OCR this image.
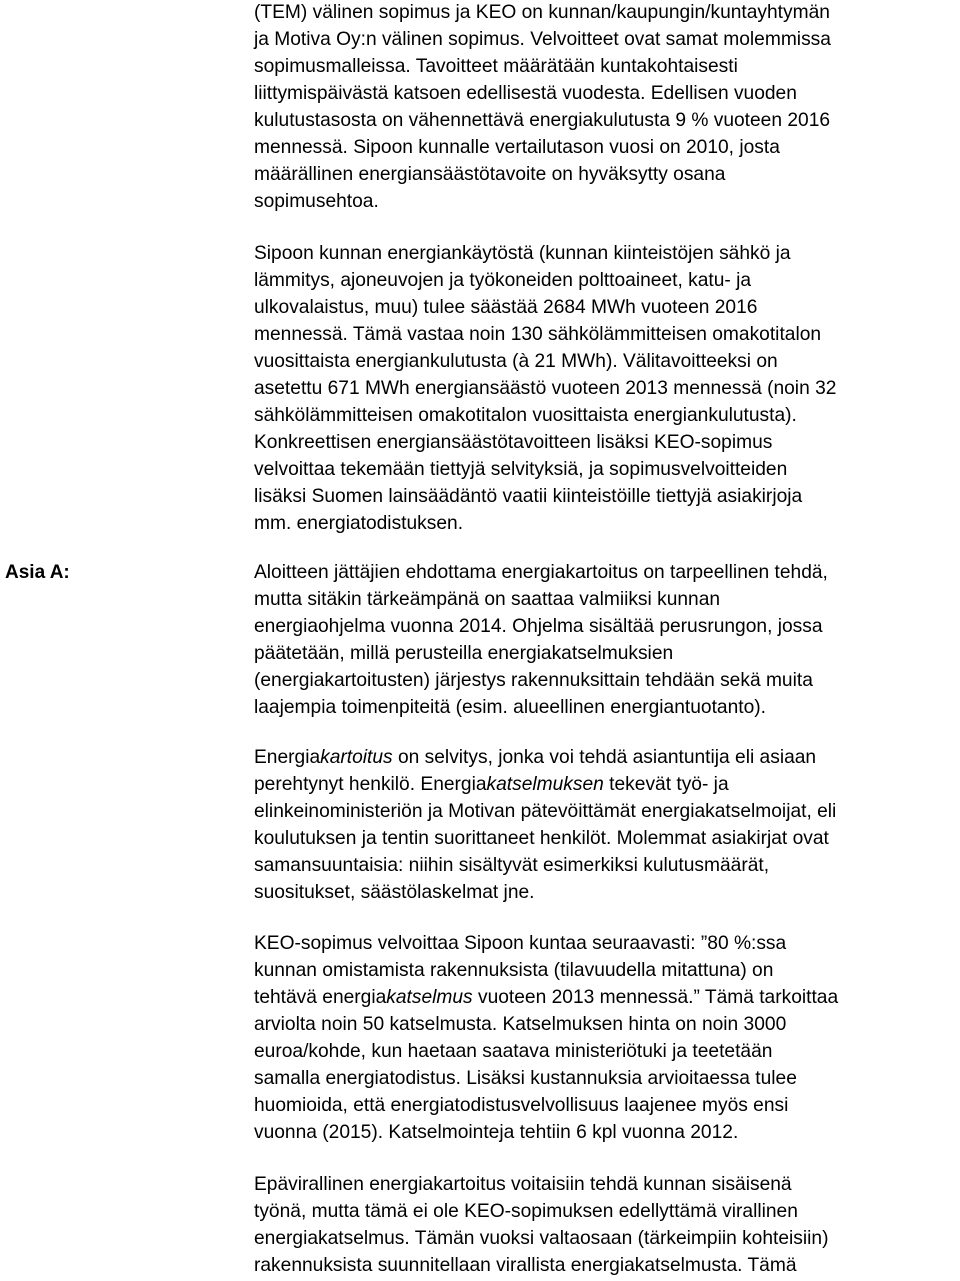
Asia A:
(TEM) välinen sopimus ja KEO on kunnan/kaupungin/kuntayhtymän
ja Motiva Oy:n välinen sopimus. Velvoitteet ovat samat molemmissa
sopimusmalleissa. Tavoitteet määrätään kuntakohtaisesti
liittymispäivästä katsoen edellisestä vuodesta. Edellisen vuoden
kulutustasosta on vähennettävä energiakulutusta 9 % vuoteen 2016
mennessä. Sipoon kunnalle vertailutason vuosi on 2010, josta
määrällinen energiansäästötavoite on hyväksytty osana
sopimusehtoa.
Sipoon kunnan energiankäytöstä (kunnan kiinteistöjen sähkö ja
lämmitys, ajoneuvojen ja työkoneiden polttoaineet, katu- ja
ulkovalaistus, muu) tulee säästää 2684 MWh vuoteen 2016
mennessä. Tämä vastaa noin 130 sähkölämmitteisen omakotitalon
vuosittaista energiankulutusta (à 21 MWh). Välitavoitteeksi on
asetettu 671 MWh energiansäästö vuoteen 2013 mennessä (noin 32
sähkölämmitteisen omakotitalon vuosittaista energiankulutusta).
Konkreettisen energiansäästötavoitteen lisäksi KEO-sopimus
velvoittaa tekemään tiettyjä selvityksiä, ja sopimusvelvoitteiden
lisäksi Suomen lainsäädäntö vaatii kiinteistöille tiettyjä asiakirjoja
mm. energiatodistuksen.
Aloitteen jättäjien ehdottama energiakartoitus on tarpeellinen tehdä,
mutta sitäkin tärkeämpänä on saattaa valmiiksi kunnan
energiaohjelma vuonna 2014. Ohjelma sisältää perusrungon, jossa
päätetään, millä perusteilla energiakatselmuksien
(energiakartoitusten) järjestys rakennuksittain tehdään sekä muita
laajempia toimenpiteitä (esim. alueellinen energiantuotanto).
Energiakartoitus on selvitys, jonka voi tehdä asiantuntija eli asiaan
perehtynyt henkilö. Energiakatselmuksen tekevät työ- ja
elinkeinoministeriön ja Motivan pätevöittämät energiakatselmoijat, eli
koulutuksen ja tentin suorittaneet henkilöt. Molemmat asiakirjat ovat
samansuuntaisia: niihin sisältyvät esimerkiksi kulutusmäärät,
suositukset, säästölaskelmat jne.
KEO-sopimus velvoittaa Sipoon kuntaa seuraavasti: ”80 %:ssa
kunnan omistamista rakennuksista (tilavuudella mitattuna) on
tehtävä energiakatselmus vuoteen 2013 mennessä.” Tämä tarkoittaa
arviolta noin 50 katselmusta. Katselmuksen hinta on noin 3000
euroa/kohde, kun haetaan saatava ministeriötuki ja teetetään
samalla energiatodistus. Lisäksi kustannuksia arvioitaessa tulee
huomioida, että energiatodistusvelvollisuus laajenee myös ensi
vuonna (2015). Katselmointeja tehtiin 6 kpl vuonna 2012.
Epävirallinen energiakartoitus voitaisiin tehdä kunnan sisäisenä
työnä, mutta tämä ei ole KEO-sopimuksen edellyttämä virallinen
energiakatselmus. Tämän vuoksi valtaosaan (tärkeimpiin kohteisiin)
rakennuksista suunnitellaan virallista energiakatselmusta. Tämä
